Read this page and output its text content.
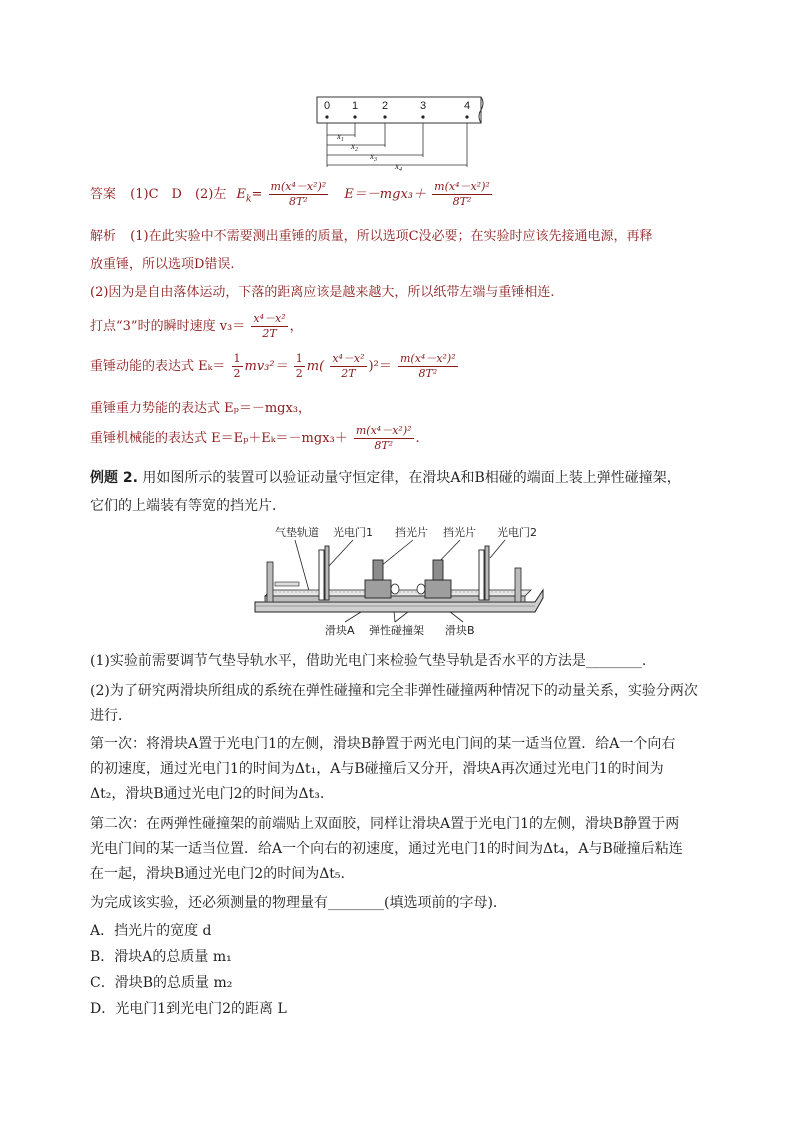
0 1 2	3	4
$x_1$
$x_2$
$x_3$
$x_4$
答案 (1)C　D　(2)左 $E_k= \frac{\text{m(x⁴－x²)²}}{\text{8T²}} E=-mgx_3+ \frac{\text{m(x⁴－x²)²}}{\text{8T²}}$
解析 (1)在此实验中不需要测出重锤的质量，所以选项C没必要；在实验时应该先接通电源，再释
放重锤，所以选项D错误.
(2)因为是自由落体运动，下落的距离应该是越来越大，所以纸带左端与重锤相连.
打点“3”时的瞬时速度 $v_3= \frac{\text{x⁴－x²}}{2T}$ ，
重锤动能的表达式 $E_k= \frac{1}{2} mv_3^2= \frac{1}{2} m( \frac{\text{x⁴－x²}}{2T} )^2= \frac{\text{m(x⁴－x²)²}}{\text{8T²}}$
重锤重力势能的表达式 Eₚ＝－mgx₃，
重锤机械能的表达式 $E=E_p+E_k=-mgx_3+ \frac{\text{m(x⁴－x²)²}}{\text{8T²}}$ .
例题 2. 用如图所示的装置可以验证动量守恒定律，在滑块A和B相碰的端面上装上弹性碰撞架，
它们的上端装有等宽的挡光片．
气垫轨道 光电门1 挡光片 挡光片 光电门2
滑块A 弹性碰撞架 滑块B
(1)实验前需要调节气垫导轨水平，借助光电门来检验气垫导轨是否水平的方法是________.
(2)为了研究两滑块所组成的系统在弹性碰撞和完全非弹性碰撞两种情况下的动量关系，实验分两次
进行．
第一次：将滑块A置于光电门1的左侧，滑块B静置于两光电门间的某一适当位置．给A一个向右
的初速度，通过光电门1的时间为Δt₁，A与B碰撞后又分开，滑块A再次通过光电门1的时间为
Δt₂，滑块B通过光电门2的时间为Δt₃.
第二次：在两弹性碰撞架的前端贴上双面胶，同样让滑块A置于光电门1的左侧，滑块B静置于两
光电门间的某一适当位置．给A一个向右的初速度，通过光电门1的时间为Δt₄，A与B碰撞后粘连
在一起，滑块B通过光电门2的时间为Δt₅.
为完成该实验，还必须测量的物理量有________(填选项前的字母)．
A．挡光片的宽度 d
B．滑块A的总质量 m₁
C．滑块B的总质量 m₂
D．光电门1到光电门2的距离 L
